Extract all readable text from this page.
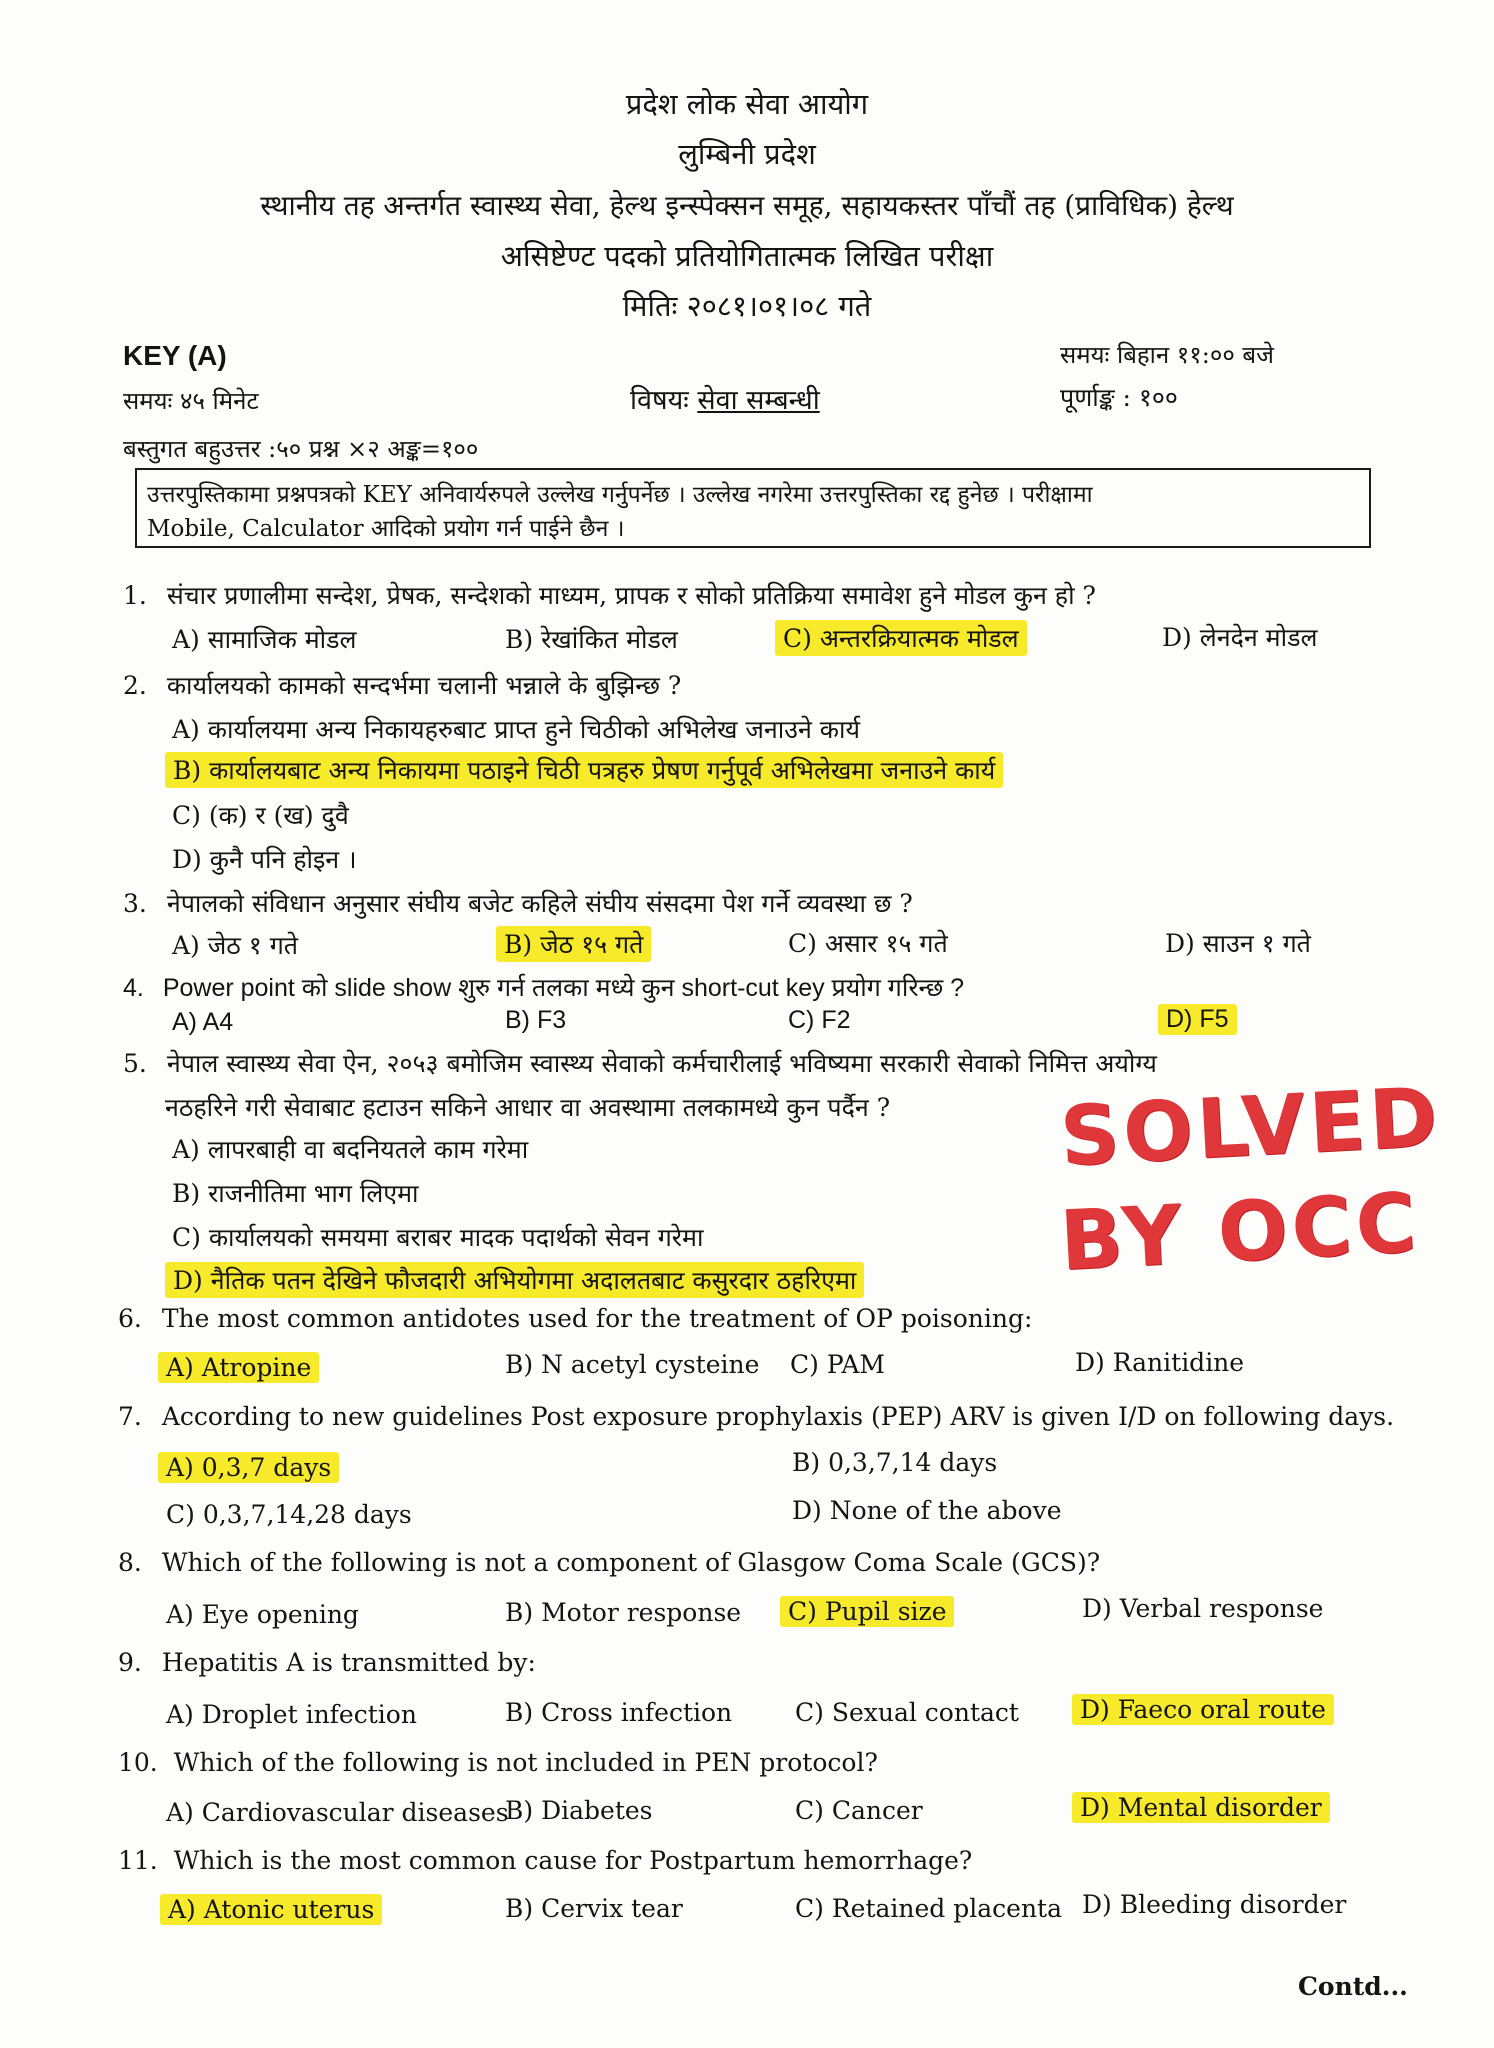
प्रदेश लोक सेवा आयोग
लुम्बिनी प्रदेश
स्थानीय तह अन्तर्गत स्वास्थ्य सेवा, हेल्थ इन्स्पेक्सन समूह, सहायकस्तर पाँचौं तह (प्राविधिक) हेल्थ
असिष्टेण्ट पदको प्रतियोगितात्मक लिखित परीक्षा
मितिः २०८१।०१।०८ गते
KEY (A)	समयः बिहान ११:०० बजे
समयः ४५ मिनेट	विषयः सेवा सम्बन्धी	पूर्णाङ्क : १००
बस्तुगत बहुउत्तर :५० प्रश्न ×२ अङ्क=१००
उत्तरपुस्तिकामा प्रश्नपत्रको KEY अनिवार्यरुपले उल्लेख गर्नुपर्नेछ । उल्लेख नगरेमा उत्तरपुस्तिका रद्द हुनेछ । परीक्षामा
Mobile, Calculator आदिको प्रयोग गर्न पाईने छैन ।
1. संचार प्रणालीमा सन्देश, प्रेषक, सन्देशको माध्यम, प्रापक र सोको प्रतिक्रिया समावेश हुने मोडल कुन हो ?
A) सामाजिक मोडल	B) रेखांकित मोडल	C) अन्तरक्रियात्मक मोडल	D) लेनदेन मोडल
2. कार्यालयको कामको सन्दर्भमा चलानी भन्नाले के बुझिन्छ ?
A) कार्यालयमा अन्य निकायहरुबाट प्राप्त हुने चिठीको अभिलेख जनाउने कार्य
B) कार्यालयबाट अन्य निकायमा पठाइने चिठी पत्रहरु प्रेषण गर्नुपूर्व अभिलेखमा जनाउने कार्य
C) (क) र (ख) दुवै
D) कुनै पनि होइन ।
3. नेपालको संविधान अनुसार संघीय बजेट कहिले संघीय संसदमा पेश गर्ने व्यवस्था छ ?
A) जेठ १ गते	B) जेठ १५ गते	C) असार १५ गते	D) साउन १ गते
4. Power point को slide show शुरु गर्न तलका मध्ये कुन short-cut key प्रयोग गरिन्छ ?
A) A4	B) F3	C) F2	D) F5
5. नेपाल स्वास्थ्य सेवा ऐन, २०५३ बमोजिम स्वास्थ्य सेवाको कर्मचारीलाई भविष्यमा सरकारी सेवाको निमित्त अयोग्य
नठहरिने गरी सेवाबाट हटाउन सकिने आधार वा अवस्थामा तलकामध्ये कुन पर्दैन ?
A) लापरबाही वा बदनियतले काम गरेमा
B) राजनीतिमा भाग लिएमा
C) कार्यालयको समयमा बराबर मादक पदार्थको सेवन गरेमा
D) नैतिक पतन देखिने फौजदारी अभियोगमा अदालतबाट कसुरदार ठहरिएमा
SOLVED
BY OCC
6. The most common antidotes used for the treatment of OP poisoning:
A) Atropine	B) N acetyl cysteine C) PAM	D) Ranitidine
7. According to new guidelines Post exposure prophylaxis (PEP) ARV is given I/D on following days.
A) 0,3,7 days	B) 0,3,7,14 days
C) 0,3,7,14,28 days	D) None of the above
8. Which of the following is not a component of Glasgow Coma Scale (GCS)?
A) Eye opening	B) Motor response	C) Pupil size	D) Verbal response
9. Hepatitis A is transmitted by:
A) Droplet infection	B) Cross infection	C) Sexual contact	D) Faeco oral route
10. Which of the following is not included in PEN protocol?
A) Cardiovascular diseases
B) Diabetes	C) Cancer	D) Mental disorder
11. Which is the most common cause for Postpartum hemorrhage?
A) Atonic uterus	B) Cervix tear	C) Retained placenta D) Bleeding disorder
Contd...
